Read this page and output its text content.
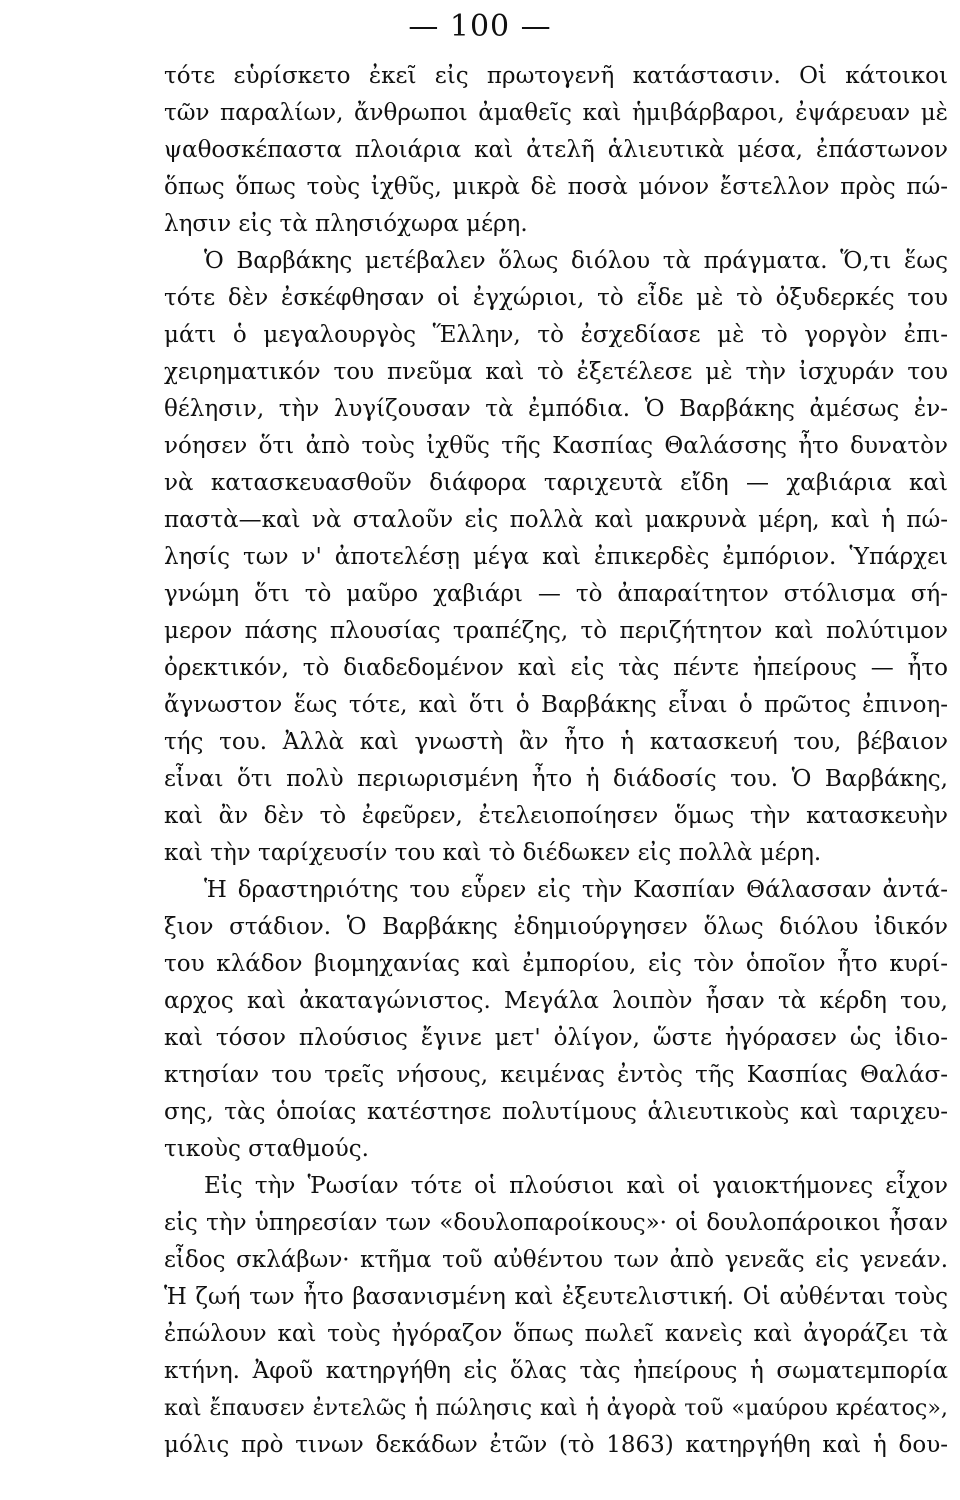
— 100 —
τότε εὑρίσκετο ἐκεῖ εἰς πρωτογενῆ κατάστασιν. Οἱ κάτοικοι
τῶν παραλίων, ἄνθρωποι ἀμαθεῖς καὶ ἡμιβάρβαροι, ἐψάρευαν μὲ
ψαθοσκέπαστα πλοιάρια καὶ ἀτελῆ ἁλιευτικὰ μέσα, ἐπάστωνον
ὅπως ὅπως τοὺς ἰχθῦς, μικρὰ δὲ ποσὰ μόνον ἔστελλον πρὸς πώ-
λησιν εἰς τὰ πλησιόχωρα μέρη.
Ὁ Βαρβάκης μετέβαλεν ὅλως διόλου τὰ πράγματα. Ὅ,τι ἕως
τότε δὲν ἐσκέφθησαν οἱ ἐγχώριοι, τὸ εἶδε μὲ τὸ ὀξυδερκές του
μάτι ὁ μεγαλουργὸς Ἕλλην, τὸ ἐσχεδίασε μὲ τὸ γοργὸν ἐπι-
χειρηματικόν του πνεῦμα καὶ τὸ ἐξετέλεσε μὲ τὴν ἰσχυράν του
θέλησιν, τὴν λυγίζουσαν τὰ ἐμπόδια. Ὁ Βαρβάκης ἀμέσως ἐν-
νόησεν ὅτι ἀπὸ τοὺς ἰχθῦς τῆς Κασπίας Θαλάσσης ἦτο δυνατὸν
νὰ κατασκευασθοῦν διάφορα ταριχευτὰ εἴδη — χαβιάρια καὶ
παστὰ—καὶ νὰ σταλοῦν εἰς πολλὰ καὶ μακρυνὰ μέρη, καὶ ἡ πώ-
λησίς των ν' ἀποτελέσῃ μέγα καὶ ἐπικερδὲς ἐμπόριον. Ὑπάρχει
γνώμη ὅτι τὸ μαῦρο χαβιάρι — τὸ ἀπαραίτητον στόλισμα σή-
μερον πάσης πλουσίας τραπέζης, τὸ περιζήτητον καὶ πολύτιμον
ὀρεκτικόν, τὸ διαδεδομένον καὶ εἰς τὰς πέντε ἠπείρους — ἦτο
ἄγνωστον ἕως τότε, καὶ ὅτι ὁ Βαρβάκης εἶναι ὁ πρῶτος ἐπινοη-
τής του. Ἀλλὰ καὶ γνωστὴ ἂν ἦτο ἡ κατασκευή του, βέβαιον
εἶναι ὅτι πολὺ περιωρισμένη ἦτο ἡ διάδοσίς του. Ὁ Βαρβάκης,
καὶ ἂν δὲν τὸ ἐφεῦρεν, ἐτελειοποίησεν ὅμως τὴν κατασκευὴν
καὶ τὴν ταρίχευσίν του καὶ τὸ διέδωκεν εἰς πολλὰ μέρη.
Ἡ δραστηριότης του εὗρεν εἰς τὴν Κασπίαν Θάλασσαν ἀντά-
ξιον στάδιον. Ὁ Βαρβάκης ἐδημιούργησεν ὅλως διόλου ἰδικόν
του κλάδον βιομηχανίας καὶ ἐμπορίου, εἰς τὸν ὁποῖον ἦτο κυρί-
αρχος καὶ ἀκαταγώνιστος. Μεγάλα λοιπὸν ἦσαν τὰ κέρδη του,
καὶ τόσον πλούσιος ἔγινε μετ' ὀλίγον, ὥστε ἠγόρασεν ὡς ἰδιο-
κτησίαν του τρεῖς νήσους, κειμένας ἐντὸς τῆς Κασπίας Θαλάσ-
σης, τὰς ὁποίας κατέστησε πολυτίμους ἁλιευτικοὺς καὶ ταριχευ-
τικοὺς σταθμούς.
Εἰς τὴν Ῥωσίαν τότε οἱ πλούσιοι καὶ οἱ γαιοκτήμονες εἶχον
εἰς τὴν ὑπηρεσίαν των «δουλοπαροίκους»· οἱ δουλοπάροικοι ἦσαν
εἶδος σκλάβων· κτῆμα τοῦ αὐθέντου των ἀπὸ γενεᾶς εἰς γενεάν.
Ἡ ζωή των ἦτο βασανισμένη καὶ ἐξευτελιστική. Οἱ αὐθένται τοὺς
ἐπώλουν καὶ τοὺς ἠγόραζον ὅπως πωλεῖ κανεὶς καὶ ἀγοράζει τὰ
κτήνη. Ἀφοῦ κατηργήθη εἰς ὅλας τὰς ἠπείρους ἡ σωματεμπορία
καὶ ἔπαυσεν ἐντελῶς ἡ πώλησις καὶ ἡ ἀγορὰ τοῦ «μαύρου κρέατος»,
μόλις πρὸ τινων δεκάδων ἐτῶν (τὸ 1863) κατηργήθη καὶ ἡ δου-
